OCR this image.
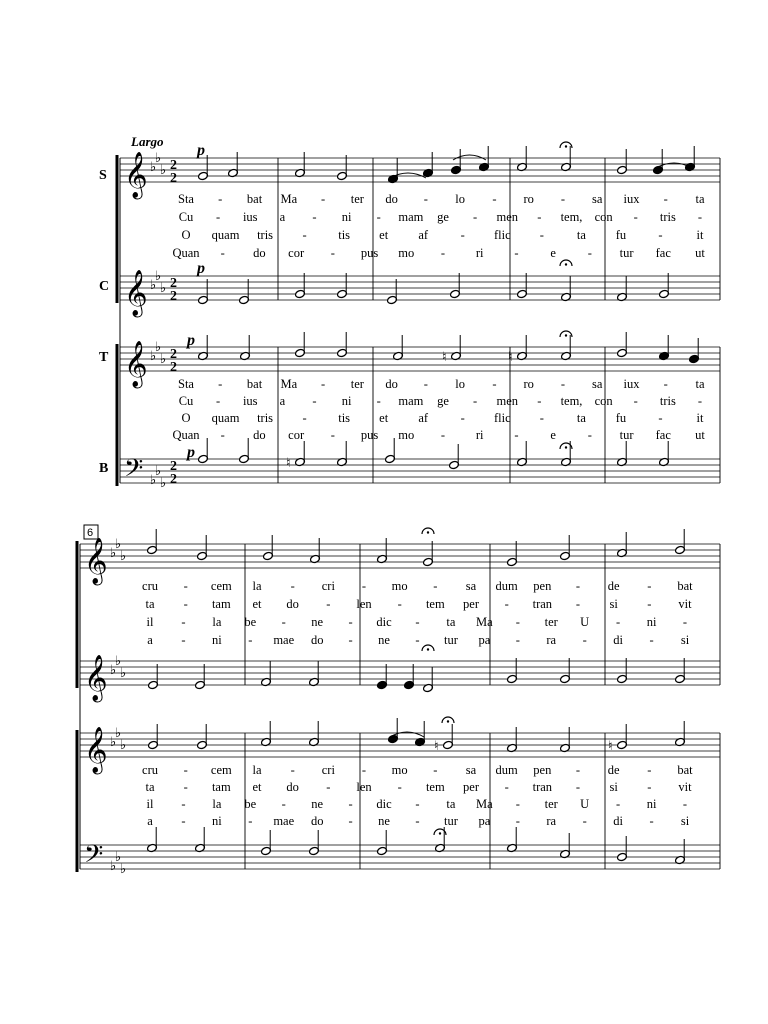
Largo
S
C
T
B
p
p
p
p
6
2
2
2
2
2
2
2
2
𝄞
𝄞
𝄞
𝄢
♭
♭
♭
♭
♭
♭
♭
♭
♭
♭
♭
♭
♮	♮
♮
Sta - bat Ma - ter do - lo - ro - sa iux - ta
Cu - ius a - ni - mam ge - men - tem, con - tris -
O quam tris -	tis et af	- flic -	ta fu	-	it
Quan - do cor - pus mo - ri -	e	- tur fac ut
Sta - bat Ma - ter do - lo - ro - sa iux - ta
Cu - ius a - ni - mam ge - men - tem, con - tris -
O quam tris -	tis et af	- flic -	ta fu	-	it
Quan - do cor - pus mo - ri -	e	- tur fac ut
𝄞
𝄞
𝄞
𝄢
♭
♭
♭
♭
♭
♭
♭
♭
♭
♭
♭
♭
♮	♮
cru - cem la - cri - mo - sa dum pen - de - bat
ta - tam et do - len - tem per - tran - si - vit
il - la be - ne - dic - ta Ma - ter U - ni -
a - ni - mae do - ne - tur pa - ra - di - si
cru - cem la - cri - mo - sa dum pen - de - bat
ta - tam et do - len - tem per - tran - si - vit
il - la be - ne - dic - ta Ma - ter U - ni -
a - ni - mae do - ne - tur pa - ra - di - si
